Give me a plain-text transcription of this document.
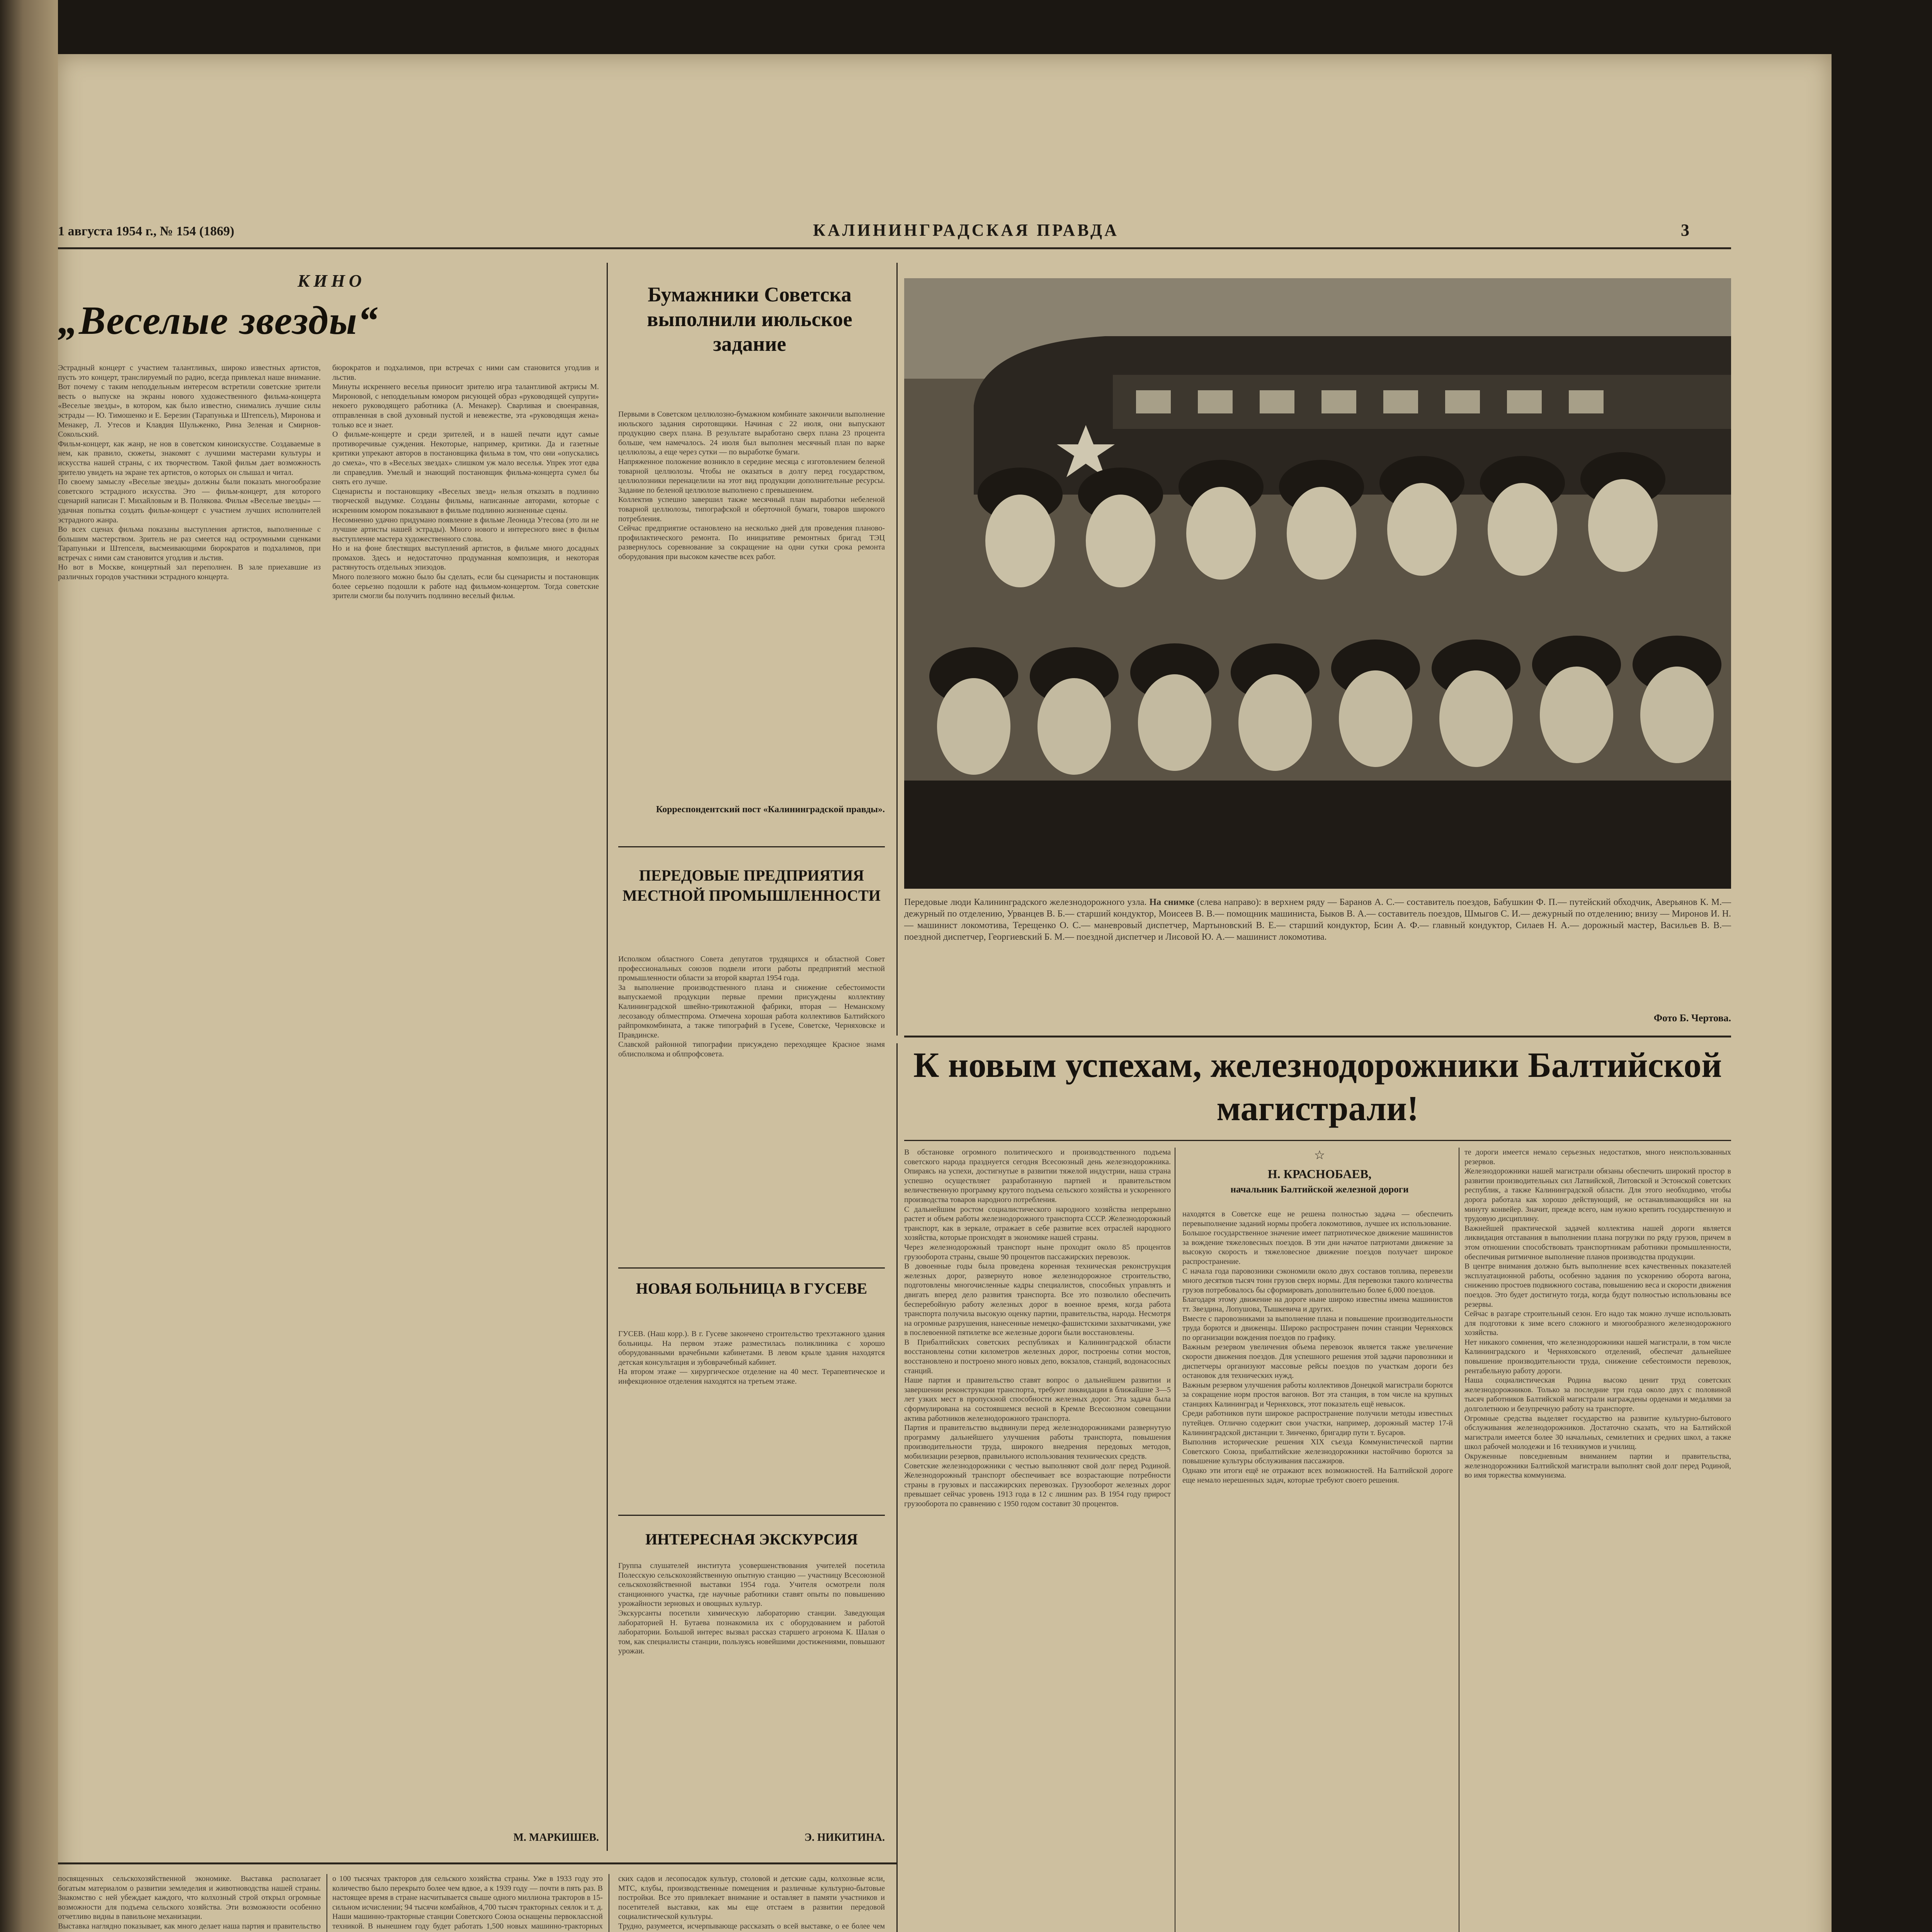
1 августа 1954 г., № 154 (1869)	КАЛИНИНГРАДСКАЯ ПРАВДА	3
КИНО
„Веселые звезды“
Эстрадный концерт с участием талантливых, широко известных артистов, пусть это концерт, транслируемый по радио, всегда привлекал наше внимание. Вот почему с таким неподдельным интересом встретили советские зрители весть о выпуске на экраны нового художественного фильма-концерта «Веселые звезды», в котором, как было известно, снимались лучшие силы эстрады — Ю. Тимошенко и Е. Березин (Тарапунька и Штепсель), Миронова и Менакер, Л. Утесов и Клавдия Шульженко, Рина Зеленая и Смирнов-Сокольский.
Фильм-концерт, как жанр, не нов в советском киноискусстве. Создаваемые в нем, как правило, сюжеты, знакомят с лучшими мастерами культуры и искусства нашей страны, с их творчеством. Такой фильм дает возможность зрителю увидеть на экране тех артистов, о которых он слышал и читал.
По своему замыслу «Веселые звезды» должны были показать многообразие советского эстрадного искусства. Это — фильм-концерт, для которого сценарий написан Г. Михайловым и В. Полякова. Фильм «Веселые звезды» — удачная попытка создать фильм-концерт с участием лучших исполнителей эстрадного жанра.
Во всех сценах фильма показаны выступления артистов, выполненные с большим мастерством. Зритель не раз смеется над остроумными сценками Тарапуньки и Штепселя, высмеивающими бюрократов и подхалимов, при встречах с ними сам становится угодлив и льстив.
Но вот в Москве, концертный зал переполнен. В зале приехавшие из различных городов участники эстрадного концерта.
бюрократов и подхалимов, при встречах с ними сам становится угодлив и льстив.
Минуты искреннего веселья приносит зрителю игра талантливой актрисы М. Мироновой, с неподдельным юмором рисующей образ «руководящей супруги» некоего руководящего работника (А. Менакер). Сварливая и своенравная, отправленная в свой духовный пустой и невежестве, эта «руководящая жена» только все и знает.
О фильме-концерте и среди зрителей, и в нашей печати идут самые противоречивые суждения. Некоторые, например, критики. Да и газетные критики упрекают авторов в постановщика фильма в том, что они «опускались до смеха», что в «Веселых звездах» слишком уж мало веселья. Упрек этот едва ли справедлив. Умелый и знающий постановщик фильма-концерта сумел бы снять его лучше.
Сценаристы и постановщику «Веселых звезд» нельзя отказать в подлинно творческой выдумке. Созданы фильмы, написанные авторами, которые с искренним юмором показывают в фильме подлинно жизненные сцены.
Несомненно удачно придумано появление в фильме Леонида Утесова (это ли не лучшие артисты нашей эстрады). Много нового и интересного внес в фильм выступление мастера художественного слова.
Но и на фоне блестящих выступлений артистов, в фильме много досадных промахов. Здесь и недостаточно продуманная композиция, и некоторая растянутость отдельных эпизодов.
Много полезного можно было бы сделать, если бы сценаристы и постановщик более серьезно подошли к работе над фильмом-концертом. Тогда советские зрители смогли бы получить подлинно веселый фильм.
М. МАРКИШЕВ.
Бумажники Советска выполнили июльское задание
Первыми в Советском целлюлозно-бумажном комбинате закончили выполнение июльского задания сиротовщики. Начиная с 22 июля, они выпускают продукцию сверх плана. В результате выработано сверх плана 23 процента больше, чем намечалось. 24 июля был выполнен месячный план по варке целлюлозы, а еще через сутки — по выработке бумаги.
Напряженное положение возникло в середине месяца с изготовлением беленой товарной целлюлозы. Чтобы не оказаться в долгу перед государством, целлюлозники перенацелили на этот вид продукции дополнительные ресурсы. Задание по беленой целлюлозе выполнено с превышением.
Коллектив успешно завершил также месячный план выработки небеленой товарной целлюлозы, типографской и оберточной бумаги, товаров широкого потребления.
Сейчас предприятие остановлено на несколько дней для проведения планово-профилактического ремонта. По инициативе ремонтных бригад ТЭЦ развернулось соревнование за сокращение на одни сутки срока ремонта оборудования при высоком качестве всех работ.
Корреспондентский пост «Калининградской правды».
ПЕРЕДОВЫЕ ПРЕДПРИЯТИЯ МЕСТНОЙ ПРОМЫШЛЕННОСТИ
Исполком областного Совета депутатов трудящихся и областной Совет профессиональных союзов подвели итоги работы предприятий местной промышленности области за второй квартал 1954 года.
За выполнение производственного плана и снижение себестоимости выпускаемой продукции первые премии присуждены коллективу Калининградской швейно-трикотажной фабрики, вторая — Неманскому лесозаводу облместпрома. Отмечена хорошая работа коллективов Балтийского райпромкомбината, а также типографий в Гусеве, Советске, Черняховске и Правдинске.
Славской районной типографии присуждено переходящее Красное знамя облисполкома и облпрофсовета.
НОВАЯ БОЛЬНИЦА В ГУСЕВЕ
ГУСЕВ. (Наш корр.). В г. Гусеве закончено строительство трехэтажного здания больницы. На первом этаже разместилась поликлиника с хорошо оборудованными врачебными кабинетами. В левом крыле здания находятся детская консультация и зубоврачебный кабинет.
На втором этаже — хирургическое отделение на 40 мест. Терапевтическое и инфекционное отделения находятся на третьем этаже.
ИНТЕРЕСНАЯ ЭКСКУРСИЯ
Группа слушателей института усовершенствования учителей посетила Полесскую сельскохозяйственную опытную станцию — участницу Всесоюзной сельскохозяйственной выставки 1954 года. Учителя осмотрели поля станционного участка, где научные работники ставят опыты по повышению урожайности зерновых и овощных культур.
Экскурсанты посетили химическую лабораторию станции. Заведующая лабораторией Н. Бутаева познакомила их с оборудованием и работой лаборатории. Большой интерес вызвал рассказ старшего агронома К. Шалая о том, как специалисты станции, пользуясь новейшими достижениями, повышают урожаи.
Э. НИКИТИНА.
Передовые люди Калининградского железнодорожного узла. На снимке (слева направо): в верхнем ряду — Баранов А. С.— составитель поездов, Бабушкин Ф. П.— путейский обходчик, Аверьянов К. М.— дежурный по отделению, Урванцев В. Б.— старший кондуктор, Моисеев В. В.— помощник машиниста, Быков В. А.— составитель поездов, Шмыгов С. И.— дежурный по отделению; внизу — Миронов И. Н.— машинист локомотива, Терещенко О. С.— маневровый диспетчер, Мартыновский В. Е.— старший кондуктор, Бсин А. Ф.— главный кондуктор, Силаев Н. А.— дорожный мастер, Васильев В. В.— поездной диспетчер, Георгиевский Б. М.— поездной диспетчер и Лисовой Ю. А.— машинист локомотива.
Фото Б. Чертова.
К новым успехам, железнодорожники Балтийской магистрали!
В обстановке огромного политического и производственного подъема советского народа празднуется сегодня Всесоюзный день железнодорожника. Опираясь на успехи, достигнутые в развитии тяжелой индустрии, наша страна успешно осуществляет разработанную партией и правительством величественную программу крутого подъема сельского хозяйства и ускоренного производства товаров народного потребления.
С дальнейшим ростом социалистического народного хозяйства непрерывно растет и объем работы железнодорожного транспорта СССР. Железнодорожный транспорт, как в зеркале, отражает в себе развитие всех отраслей народного хозяйства, которые происходят в экономике нашей страны.
Через железнодорожный транспорт ныне проходит около 85 процентов грузооборота страны, свыше 90 процентов пассажирских перевозок.
В довоенные годы была проведена коренная техническая реконструкция железных дорог, развернуто новое железнодорожное строительство, подготовлены многочисленные кадры специалистов, способных управлять и двигать вперед дело развития транспорта. Все это позволило обеспечить бесперебойную работу железных дорог в военное время, когда работа транспорта получила высокую оценку партии, правительства, народа. Несмотря на огромные разрушения, нанесенные немецко-фашистскими захватчиками, уже в послевоенной пятилетке все железные дороги были восстановлены.
В Прибалтийских советских республиках и Калининградской области восстановлены сотни километров железных дорог, построены сотни мостов, восстановлено и построено много новых депо, вокзалов, станций, водонасосных станций.
Наше партия и правительство ставят вопрос о дальнейшем развитии и завершении реконструкции транспорта, требуют ликвидации в ближайшие 3—5 лет узких мест в пропускной способности железных дорог. Эта задача была сформулирована на состоявшемся весной в Кремле Всесоюзном совещании актива работников железнодорожного транспорта.
Партия и правительство выдвинули перед железнодорожниками развернутую программу дальнейшего улучшения работы транспорта, повышения производительности труда, широкого внедрения передовых методов, мобилизации резервов, правильного использования технических средств.
Советские железнодорожники с честью выполняют свой долг перед Родиной. Железнодорожный транспорт обеспечивает все возрастающие потребности страны в грузовых и пассажирских перевозках. Грузооборот железных дорог превышает сейчас уровень 1913 года в 12 с лишним раз. В 1954 году прирост грузооборота по сравнению с 1950 годом составит 30 процентов.
☆
Н. КРАСНОБАЕВ,
начальник Балтийской железной дороги
находятся в Советске еще не решена полностью задача — обеспечить перевыполнение заданий нормы пробега локомотивов, лучшее их использование.
Большое государственное значение имеет патриотическое движение машинистов за вождение тяжеловесных поездов. В эти дни начатое патриотами движение за высокую скорость и тяжеловесное движение поездов получает широкое распространение.
С начала года паровозники сэкономили около двух составов топлива, перевезли много десятков тысяч тонн грузов сверх нормы. Для перевозки такого количества грузов потребовалось бы сформировать дополнительно более 6,000 поездов.
Благодаря этому движение на дороге ныне широко известны имена машинистов тт. Звездина, Лопушова, Тышкевича и других.
Вместе с паровозниками за выполнение плана и повышение производительности труда борются и движенцы. Широко распространен почин станции Черняховск по организации вождения поездов по графику.
Важным резервом увеличения объема перевозок является также увеличение скорости движения поездов. Для успешного решения этой задачи паровозники и диспетчеры организуют массовые рейсы поездов по участкам дороги без остановок для технических нужд.
Важным резервом улучшения работы коллективов Донецкой магистрали борются за сокращение норм простоя вагонов. Вот эта станция, в том числе на крупных станциях Калининград и Черняховск, этот показатель ещё невысок.
Среди работников пути широкое распространение получили методы известных путейцев. Отлично содержит свои участки, например, дорожный мастер 17-й Калининградской дистанции т. Зинченко, бригадир пути т. Бусаров.
Выполнив исторические решения XIX съезда Коммунистической партии Советского Союза, прибалтийские железнодорожники настойчиво борются за повышение культуры обслуживания пассажиров.
Однако эти итоги ещё не отражают всех возможностей. На Балтийской дороге еще немало нерешенных задач, которые требуют своего решения.
те дороги имеется немало серьезных недостатков, много неиспользованных резервов.
Железнодорожники нашей магистрали обязаны обеспечить широкий простор в развитии производительных сил Латвийской, Литовской и Эстонской советских республик, а также Калининградской области. Для этого необходимо, чтобы дорога работала как хорошо действующий, не останавливающийся ни на минуту конвейер. Значит, прежде всего, нам нужно крепить государственную и трудовую дисциплину.
Важнейшей практической задачей коллектива нашей дороги является ликвидация отставания в выполнении плана погрузки по ряду грузов, причем в этом отношении способствовать транспортникам работники промышленности, обеспечивая ритмичное выполнение планов производства продукции.
В центре внимания должно быть выполнение всех качественных показателей эксплуатационной работы, особенно задания по ускорению оборота вагона, снижению простоев подвижного состава, повышению веса и скорости движения поездов. Это будет достигнуто тогда, когда будут полностью использованы все резервы.
Сейчас в разгаре строительный сезон. Его надо так можно лучше использовать для подготовки к зиме всего сложного и многообразного железнодорожного хозяйства.
Нет никакого сомнения, что железнодорожники нашей магистрали, в том числе Калининградского и Черняховского отделений, обеспечат дальнейшее повышение производительности труда, снижение себестоимости перевозок, рентабельную работу дороги.
Наша социалистическая Родина высоко ценит труд советских железнодорожников. Только за последние три года около двух с половиной тысяч работников Балтийской магистрали награждены орденами и медалями за долголетнюю и безупречную работу на транспорте.
Огромные средства выделяет государство на развитие культурно-бытового обслуживания железнодорожников. Достаточно сказать, что на Балтийской магистрали имеется более 30 начальных, семилетних и средних школ, а также школ рабочей молодежи и 16 техникумов и училищ.
Окруженные повседневным вниманием партии и правительства, железнодорожники Балтийской магистрали выполнят свой долг перед Родиной, во имя торжества коммунизма.
посвященных сельскохозяйственной экономике. Выставка располагает богатым материалом о развитии земледелия и животноводства нашей страны. Знакомство с ней убеждает каждого, что колхозный строй открыл огромные возможности для подъема сельского хозяйства. Эти возможности особенно отчетливо видны в павильоне механизации.
Выставка наглядно показывает, как много делает наша партия и правительство

о 100 тысячах тракторов для сельского хозяйства страны. Уже в 1933 году это количество было перекрыто более чем вдвое, а к 1939 году — почти в пять раз. В настоящее время в стране насчитывается свыше одного миллиона тракторов в 15-сильном исчислении; 94 тысячи комбайнов, 4,700 тысяч тракторных сеялок и т. д. Наши машинно-тракторные станции Советского Союза оснащены первоклассной техникой. В нынешнем году будет работать 1,500 новых машинно-тракторных

ских садов и лесопосадок культур, столовой и детские сады, колхозные ясли, МТС, клубы, производственные помещения и различные культурно-бытовые постройки. Все это привлекает внимание и оставляет в памяти участников и посетителей выставки, как мы еще отстаем в развитии передовой социалистической культуры.
Трудно, разумеется, исчерпывающе рассказать о всей выставке, о ее более чем
